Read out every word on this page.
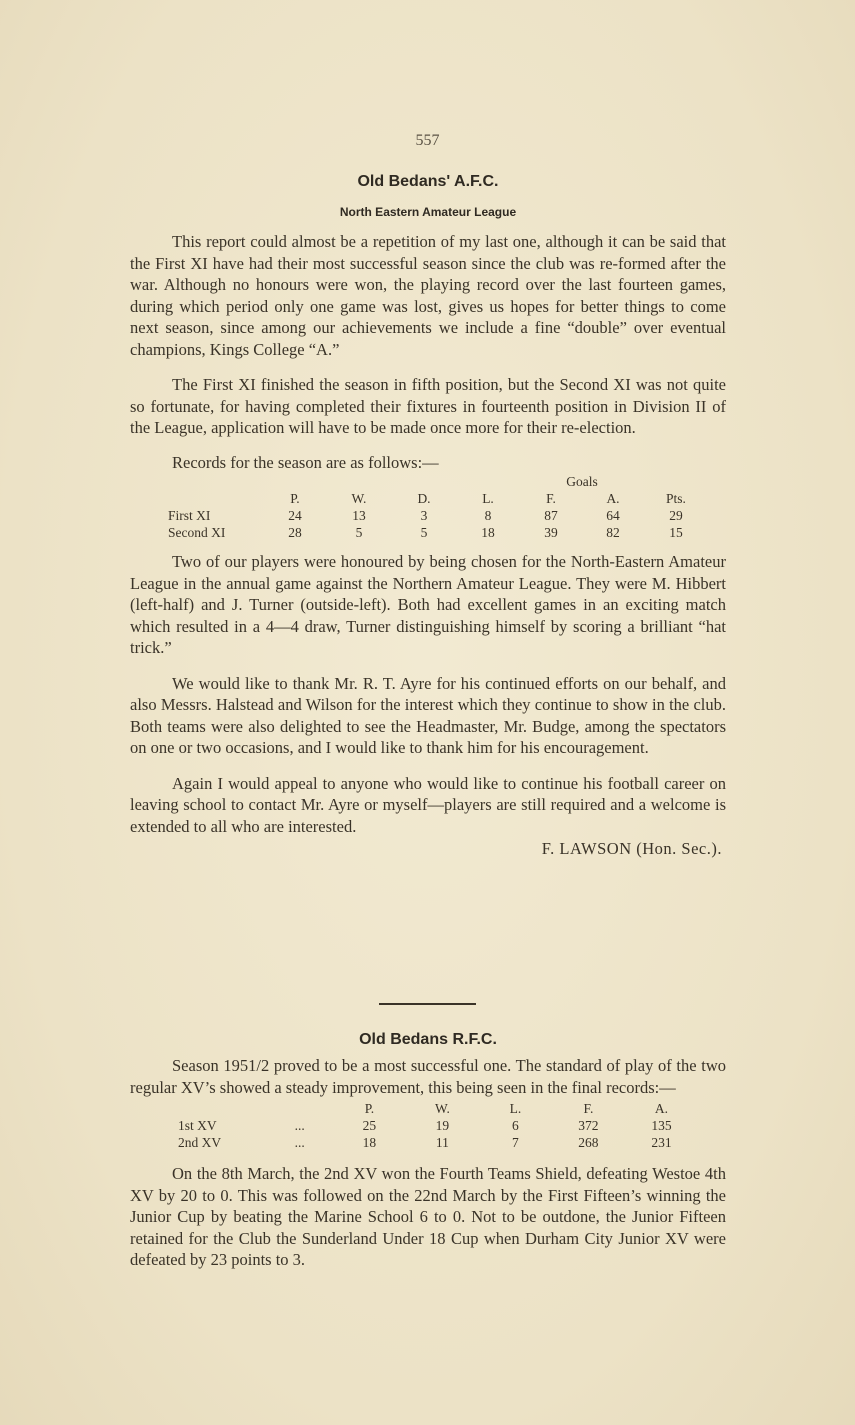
557
Old Bedans' A.F.C.
North Eastern Amateur League

This report could almost be a repetition of my last one, although it can be said that the First XI have had their most successful season since the club was re-formed after the war. Although no honours were won, the playing record over the last fourteen games, during which period only one game was lost, gives us hopes for better things to come next season, since among our achievements we include a fine “double” over eventual champions, Kings College “A.”

The First XI finished the season in fifth position, but the Second XI was not quite so fortunate, for having completed their fixtures in fourteenth position in Division II of the League, application will have to be made once more for their re-election.

Records for the season are as follows:—
					Goals		
	P.	W.	D.	L.	F.	A.	Pts.
First XI	24	13	3	8	87	64	29
Second XI	28	5	5	18	39	82	15

Two of our players were honoured by being chosen for the North-Eastern Amateur League in the annual game against the Northern Amateur League. They were M. Hibbert (left-half) and J. Turner (outside-left). Both had excellent games in an exciting match which resulted in a 4—4 draw, Turner distinguishing himself by scoring a brilliant “hat trick.”

We would like to thank Mr. R. T. Ayre for his continued efforts on our behalf, and also Messrs. Halstead and Wilson for the interest which they continue to show in the club. Both teams were also delighted to see the Headmaster, Mr. Budge, among the spectators on one or two occasions, and I would like to thank him for his encouragement.

Again I would appeal to anyone who would like to continue his football career on leaving school to contact Mr. Ayre or myself—players are still required and a welcome is extended to all who are interested.

F. LAWSON (Hon. Sec.).
Old Bedans R.F.C.

Season 1951/2 proved to be a most successful one. The standard of play of the two regular XV’s showed a steady improvement, this being seen in the final records:—

		P.	W.	L.	F.	A.
1st XV	...	25	19	6	372	135
2nd XV	...	18	11	7	268	231

On the 8th March, the 2nd XV won the Fourth Teams Shield, defeating Westoe 4th XV by 20 to 0. This was followed on the 22nd March by the First Fifteen’s winning the Junior Cup by beating the Marine School 6 to 0. Not to be outdone, the Junior Fifteen retained for the Club the Sunderland Under 18 Cup when Durham City Junior XV were defeated by 23 points to 3.
